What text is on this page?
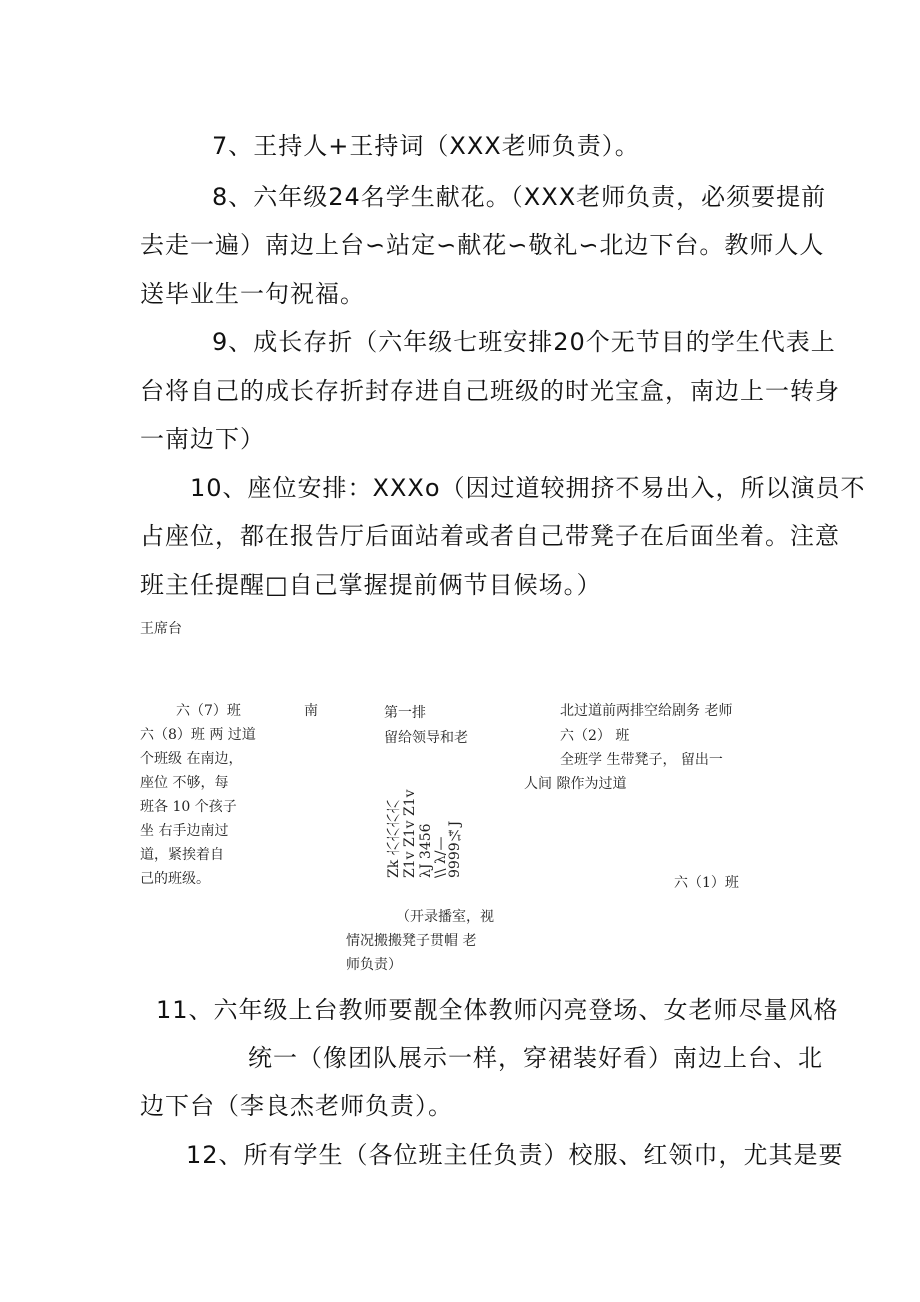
7、王持人+王持词（XXX老师负责）。
8、六年级24名学生献花。（XXX老师负责，必须要提前
去走一遍）南边上台∽站定∽献花∽敬礼∽北边下台。教师人人
送毕业生一句祝福。
9、成长存折（六年级七班安排20个无节目的学生代表上
台将自己的成长存折封存进自己班级的时光宝盒，南边上一转身
一南边下）
10、座位安排：XXXo（因过道较拥挤不易出入，所以演员不
占座位，都在报告厅后面站着或者自己带凳子在后面坐着。注意
班主任提醒□自己掌握提前俩节目候场。）
王席台
六（7）班	南
六（8）班 两 过道
个班级 在南边，
座位 不够，每
班各 10 个孩子
坐 右手边南过
道，紧挨着自
己的班级。
第一排
留给领导和老
9999¼J
\\ λ/—
λJ 3456
Z1v Z1v Z1v
Zk 六六六六
北过道前两排空给剧务 老师
六（2） 班
全班学 生带凳子， 留出一
人间 隙作为过道
六（1）班
（开录播室，视
情况搬搬凳子贯帽 老
师负责）
11、六年级上台教师要靓全体教师闪亮登场、女老师尽量风格
统一（像团队展示一样，穿裙装好看）南边上台、北
边下台（李良杰老师负责）。
12、所有学生（各位班主任负责）校服、红领巾，尤其是要
